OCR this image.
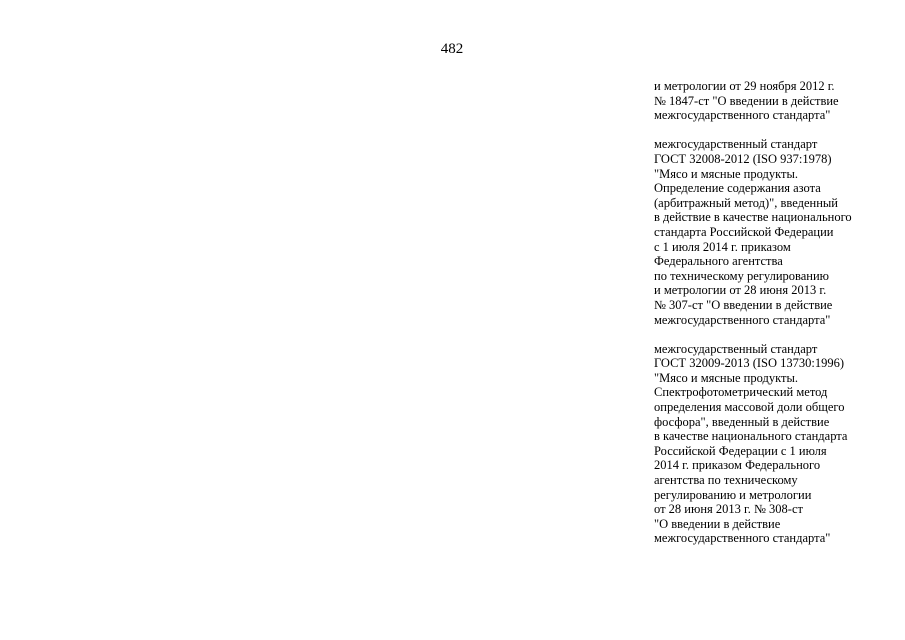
482
и метрологии от 29 ноября 2012 г.
№ 1847-ст "О введении в действие
межгосударственного стандарта"
межгосударственный стандарт
ГОСТ 32008-2012 (ISO 937:1978)
"Мясо и мясные продукты.
Определение содержания азота
(арбитражный метод)", введенный
в действие в качестве национального
стандарта Российской Федерации
с 1 июля 2014 г. приказом
Федерального агентства
по техническому регулированию
и метрологии от 28 июня 2013 г.
№ 307-ст "О введении в действие
межгосударственного стандарта"
межгосударственный стандарт
ГОСТ 32009-2013 (ISO 13730:1996)
"Мясо и мясные продукты.
Спектрофотометрический метод
определения массовой доли общего
фосфора", введенный в действие
в качестве национального стандарта
Российской Федерации с 1 июля
2014 г. приказом Федерального
агентства по техническому
регулированию и метрологии
от 28 июня 2013 г. № 308-ст
"О введении в действие
межгосударственного стандарта"
